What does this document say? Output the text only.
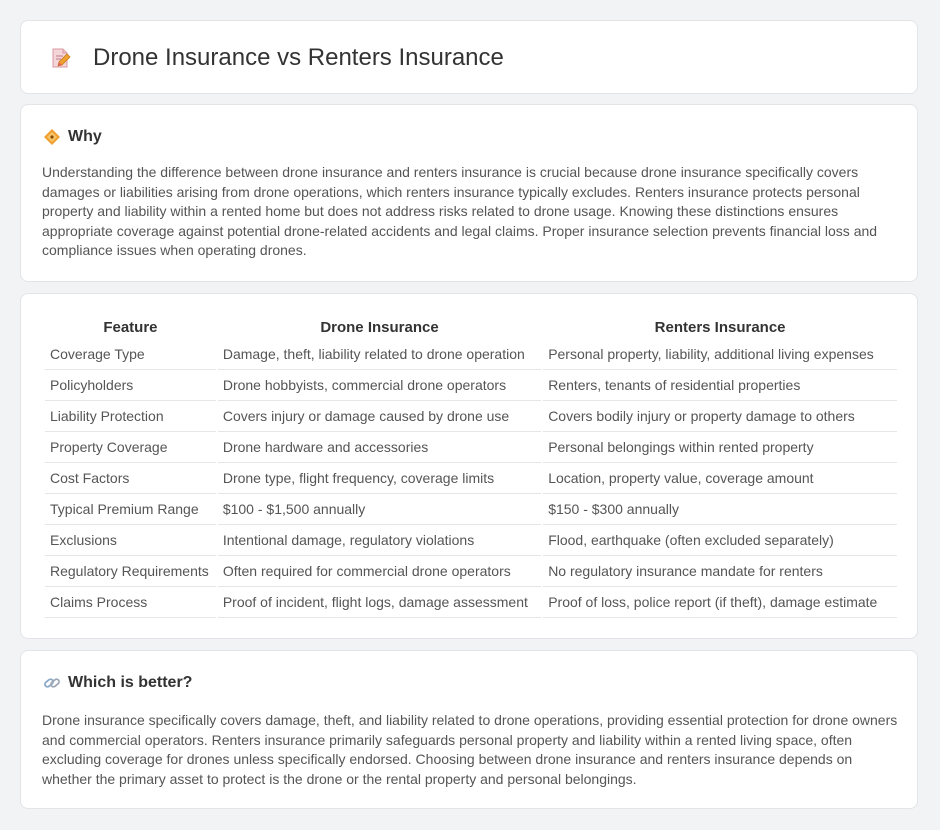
Drone Insurance vs Renters Insurance
Why

Understanding the difference between drone insurance and renters insurance is crucial because drone insurance specifically covers damages or liabilities arising from drone operations, which renters insurance typically excludes. Renters insurance protects personal property and liability within a rented home but does not address risks related to drone usage. Knowing these distinctions ensures appropriate coverage against potential drone-related accidents and legal claims. Proper insurance selection prevents financial loss and compliance issues when operating drones.

Feature	Drone Insurance	Renters Insurance
Coverage Type	Damage, theft, liability related to drone operation	Personal property, liability, additional living expenses
Policyholders	Drone hobbyists, commercial drone operators	Renters, tenants of residential properties
Liability Protection	Covers injury or damage caused by drone use	Covers bodily injury or property damage to others
Property Coverage	Drone hardware and accessories	Personal belongings within rented property
Cost Factors	Drone type, flight frequency, coverage limits	Location, property value, coverage amount
Typical Premium Range	$100 - $1,500 annually	$150 - $300 annually
Exclusions	Intentional damage, regulatory violations	Flood, earthquake (often excluded separately)
Regulatory Requirements	Often required for commercial drone operators	No regulatory insurance mandate for renters
Claims Process	Proof of incident, flight logs, damage assessment	Proof of loss, police report (if theft), damage estimate
Which is better?

Drone insurance specifically covers damage, theft, and liability related to drone operations, providing essential protection for drone owners and commercial operators. Renters insurance primarily safeguards personal property and liability within a rented living space, often excluding coverage for drones unless specifically endorsed. Choosing between drone insurance and renters insurance depends on whether the primary asset to protect is the drone or the rental property and personal belongings.
